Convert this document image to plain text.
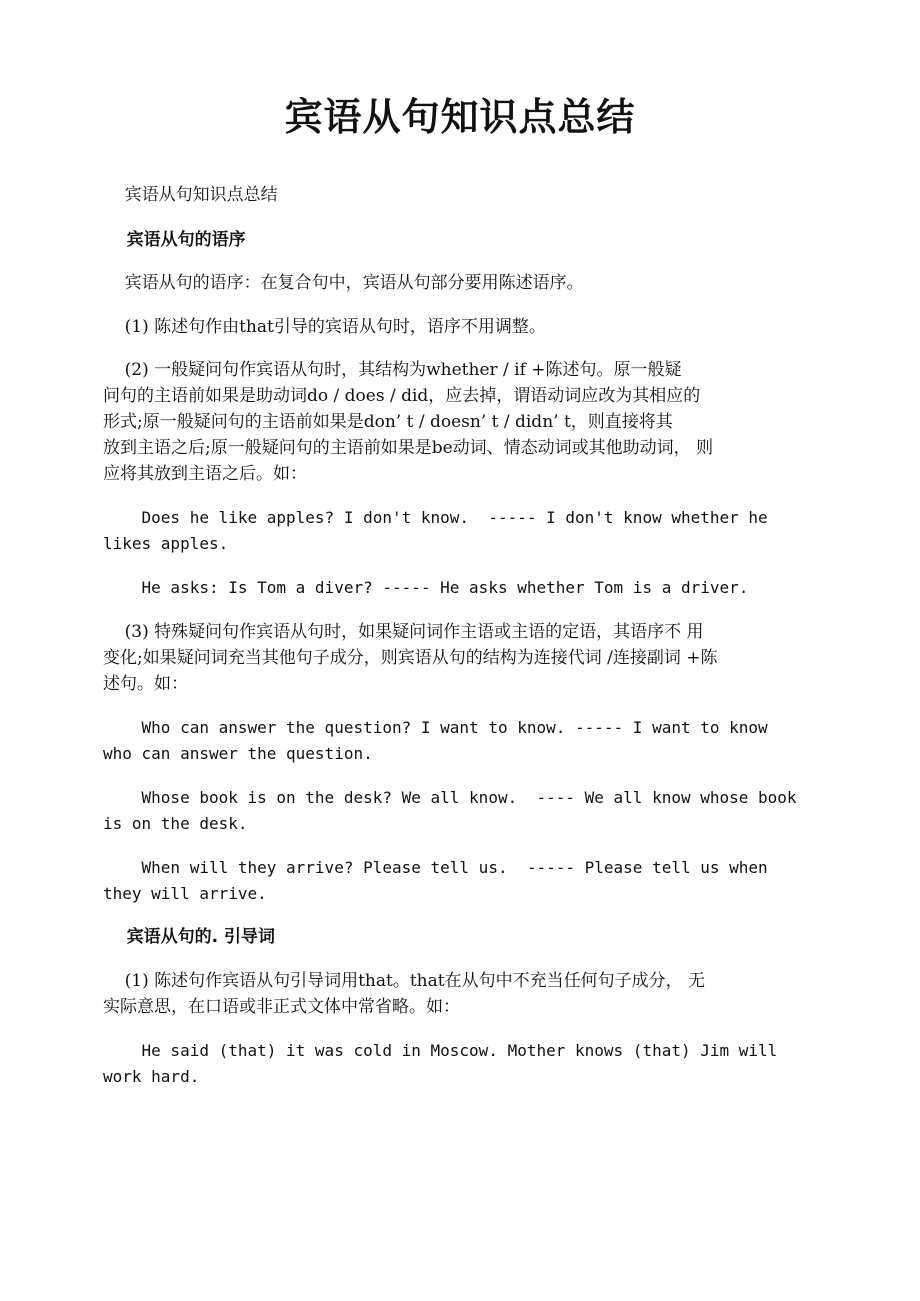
宾语从句知识点总结
宾语从句知识点总结
宾语从句的语序
宾语从句的语序：在复合句中，宾语从句部分要用陈述语序。
(1) 陈述句作由that引导的宾语从句时，语序不用调整。
(2) 一般疑问句作宾语从句时，其结构为whether / if +陈述句。原一般疑
问句的主语前如果是助动词do / does / did，应去掉，谓语动词应改为其相应的
形式;原一般疑问句的主语前如果是don’ t / doesn’ t / didn’ t，则直接将其
放到主语之后;原一般疑问句的主语前如果是be动词、情态动词或其他助动词， 则
应将其放到主语之后。如：
Does he like apples? I don't know.  ----- I don't know whether he
likes apples.
He asks: Is Tom a diver? ----- He asks whether Tom is a driver.
(3) 特殊疑问句作宾语从句时，如果疑问词作主语或主语的定语，其语序不 用
变化;如果疑问词充当其他句子成分，则宾语从句的结构为连接代词 /连接副词 +陈
述句。如：
Who can answer the question? I want to know. ----- I want to know
who can answer the question.
Whose book is on the desk? We all know.  ---- We all know whose book
is on the desk.
When will they arrive? Please tell us.  ----- Please tell us when
they will arrive.
宾语从句的. 引导词
(1) 陈述句作宾语从句引导词用that。that在从句中不充当任何句子成分， 无
实际意思，在口语或非正式文体中常省略。如：
He said (that) it was cold in Moscow. Mother knows (that) Jim will
work hard.
